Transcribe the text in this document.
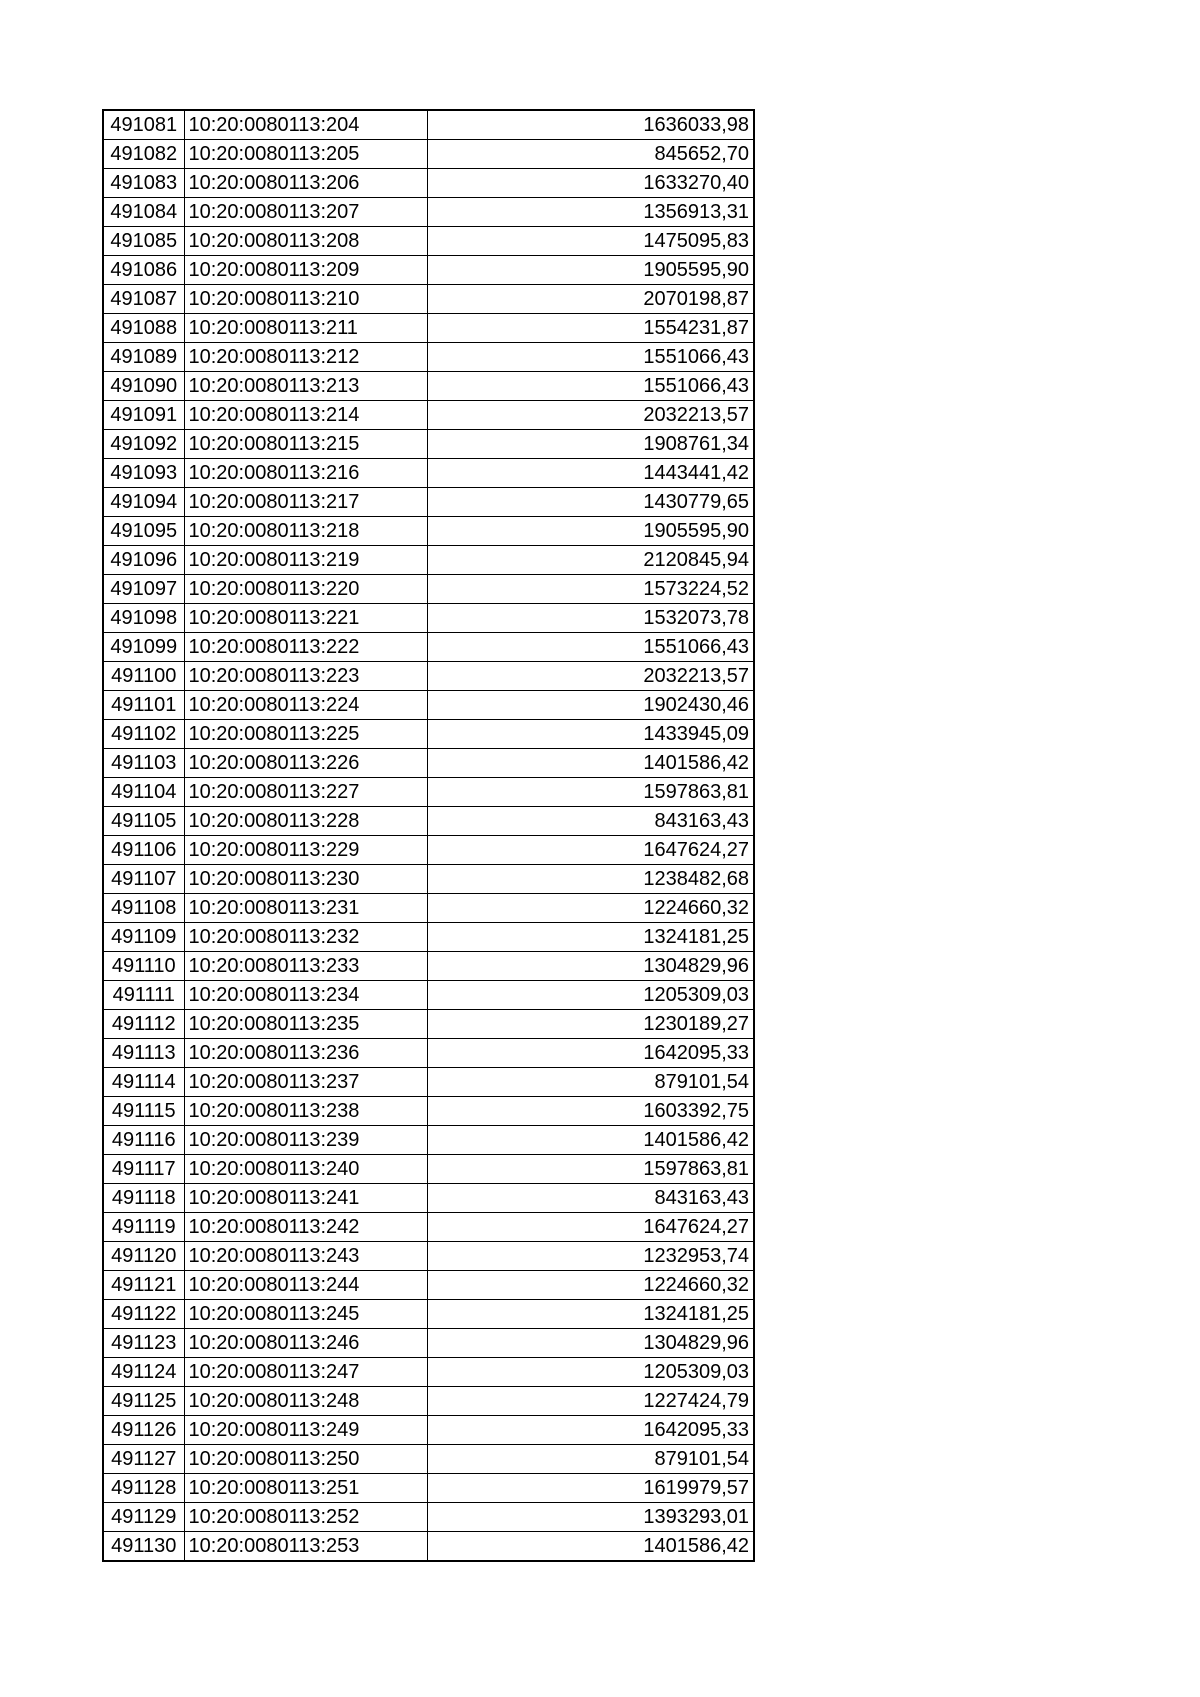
491081	10:20:0080113:204	1636033,98
491082	10:20:0080113:205	845652,70
491083	10:20:0080113:206	1633270,40
491084	10:20:0080113:207	1356913,31
491085	10:20:0080113:208	1475095,83
491086	10:20:0080113:209	1905595,90
491087	10:20:0080113:210	2070198,87
491088	10:20:0080113:211	1554231,87
491089	10:20:0080113:212	1551066,43
491090	10:20:0080113:213	1551066,43
491091	10:20:0080113:214	2032213,57
491092	10:20:0080113:215	1908761,34
491093	10:20:0080113:216	1443441,42
491094	10:20:0080113:217	1430779,65
491095	10:20:0080113:218	1905595,90
491096	10:20:0080113:219	2120845,94
491097	10:20:0080113:220	1573224,52
491098	10:20:0080113:221	1532073,78
491099	10:20:0080113:222	1551066,43
491100	10:20:0080113:223	2032213,57
491101	10:20:0080113:224	1902430,46
491102	10:20:0080113:225	1433945,09
491103	10:20:0080113:226	1401586,42
491104	10:20:0080113:227	1597863,81
491105	10:20:0080113:228	843163,43
491106	10:20:0080113:229	1647624,27
491107	10:20:0080113:230	1238482,68
491108	10:20:0080113:231	1224660,32
491109	10:20:0080113:232	1324181,25
491110	10:20:0080113:233	1304829,96
491111	10:20:0080113:234	1205309,03
491112	10:20:0080113:235	1230189,27
491113	10:20:0080113:236	1642095,33
491114	10:20:0080113:237	879101,54
491115	10:20:0080113:238	1603392,75
491116	10:20:0080113:239	1401586,42
491117	10:20:0080113:240	1597863,81
491118	10:20:0080113:241	843163,43
491119	10:20:0080113:242	1647624,27
491120	10:20:0080113:243	1232953,74
491121	10:20:0080113:244	1224660,32
491122	10:20:0080113:245	1324181,25
491123	10:20:0080113:246	1304829,96
491124	10:20:0080113:247	1205309,03
491125	10:20:0080113:248	1227424,79
491126	10:20:0080113:249	1642095,33
491127	10:20:0080113:250	879101,54
491128	10:20:0080113:251	1619979,57
491129	10:20:0080113:252	1393293,01
491130	10:20:0080113:253	1401586,42
